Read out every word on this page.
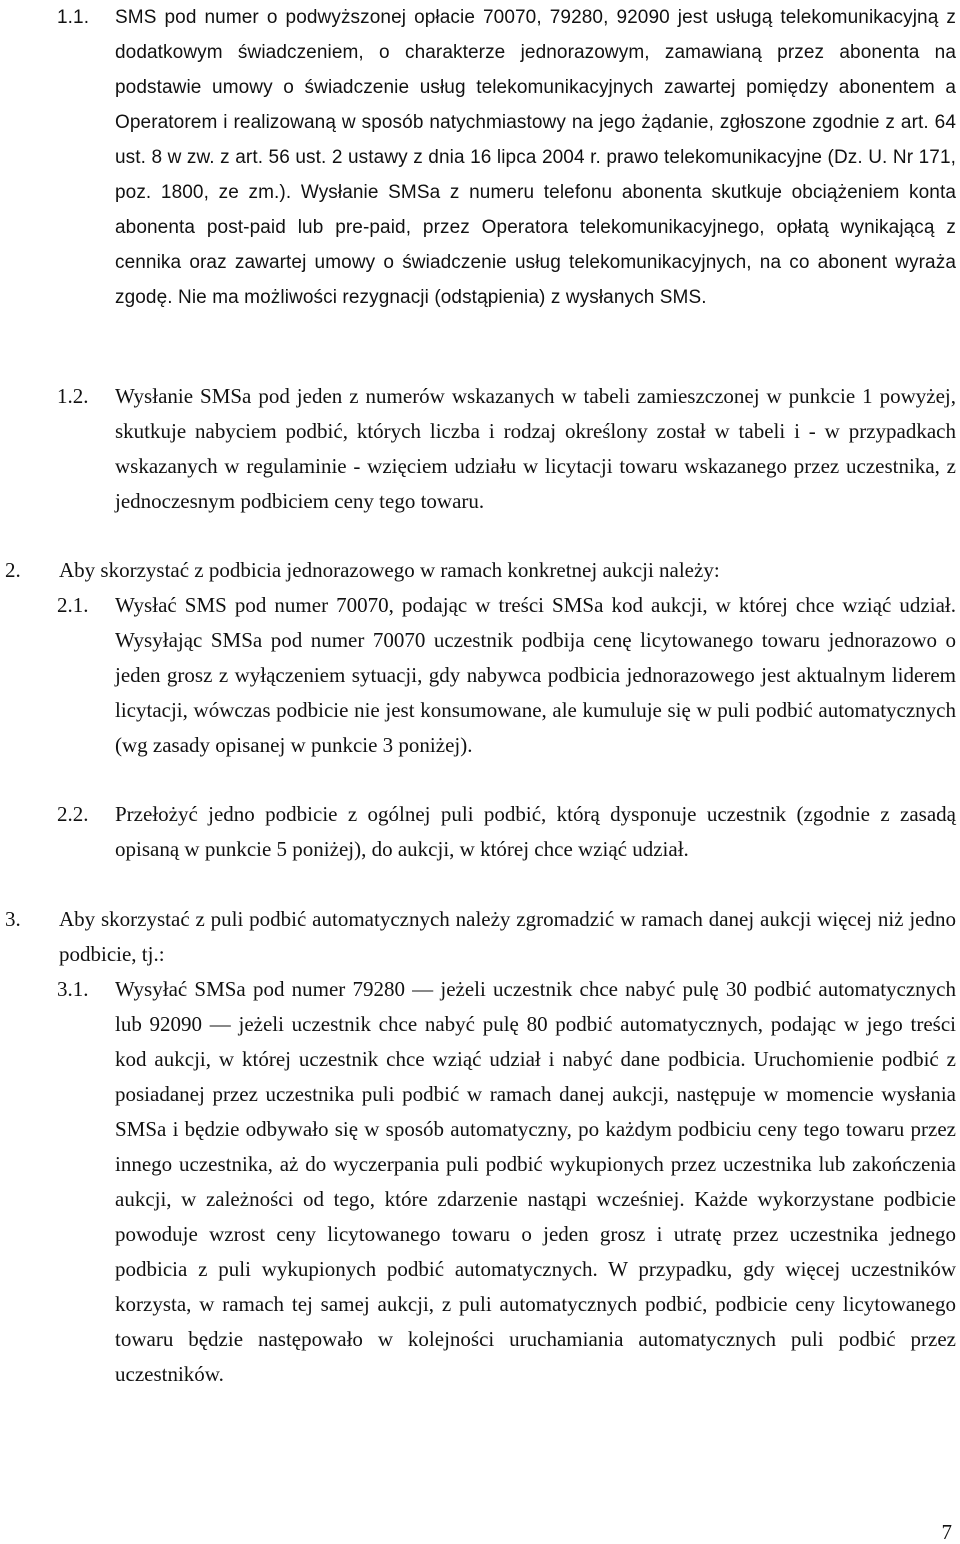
1.1. SMS pod numer o podwyższonej opłacie 70070, 79280, 92090 jest usługą telekomunikacyjną z dodatkowym świadczeniem, o charakterze jednorazowym, zamawianą przez abonenta na podstawie umowy o świadczenie usług telekomunikacyjnych zawartej pomiędzy abonentem a Operatorem i realizowaną w sposób natychmiastowy na jego żądanie, zgłoszone zgodnie z art. 64 ust. 8 w zw. z art. 56 ust. 2 ustawy z dnia 16 lipca 2004 r. prawo telekomunikacyjne (Dz. U. Nr 171, poz. 1800, ze zm.). Wysłanie SMSa z numeru telefonu abonenta skutkuje obciążeniem konta abonenta post-paid lub pre-paid, przez Operatora telekomunikacyjnego, opłatą wynikającą z cennika oraz zawartej umowy o świadczenie usług telekomunikacyjnych, na co abonent wyraża zgodę. Nie ma możliwości rezygnacji (odstąpienia) z wysłanych SMS.
1.2. Wysłanie SMSa pod jeden z numerów wskazanych w tabeli zamieszczonej w punkcie 1 powyżej, skutkuje nabyciem podbić, których liczba i rodzaj określony został w tabeli i - w przypadkach wskazanych w regulaminie - wzięciem udziału w licytacji towaru wskazanego przez uczestnika, z jednoczesnym podbiciem ceny tego towaru.
2. Aby skorzystać z podbicia jednorazowego w ramach konkretnej aukcji należy:
2.1. Wysłać SMS pod numer 70070, podając w treści SMSa kod aukcji, w której chce wziąć udział. Wysyłając SMSa pod numer 70070 uczestnik podbija cenę licytowanego towaru jednorazowo o jeden grosz z wyłączeniem sytuacji, gdy nabywca podbicia jednorazowego jest aktualnym liderem licytacji, wówczas podbicie nie jest konsumowane, ale kumuluje się w puli podbić automatycznych (wg zasady opisanej w punkcie 3 poniżej).
2.2. Przełożyć jedno podbicie z ogólnej puli podbić, którą dysponuje uczestnik (zgodnie z zasadą opisaną w punkcie 5 poniżej), do aukcji, w której chce wziąć udział.
3. Aby skorzystać z puli podbić automatycznych należy zgromadzić w ramach danej aukcji więcej niż jedno podbicie, tj.:
3.1. Wysyłać SMSa pod numer 79280 — jeżeli uczestnik chce nabyć pulę 30 podbić automatycznych lub 92090 — jeżeli uczestnik chce nabyć pulę 80 podbić automatycznych, podając w jego treści kod aukcji, w której uczestnik chce wziąć udział i nabyć dane podbicia. Uruchomienie podbić z posiadanej przez uczestnika puli podbić w ramach danej aukcji, następuje w momencie wysłania SMSa i będzie odbywało się w sposób automatyczny, po każdym podbiciu ceny tego towaru przez innego uczestnika, aż do wyczerpania puli podbić wykupionych przez uczestnika lub zakończenia aukcji, w zależności od tego, które zdarzenie nastąpi wcześniej. Każde wykorzystane podbicie powoduje wzrost ceny licytowanego towaru o jeden grosz i utratę przez uczestnika jednego podbicia z puli wykupionych podbić automatycznych. W przypadku, gdy więcej uczestników korzysta, w ramach tej samej aukcji, z puli automatycznych podbić, podbicie ceny licytowanego towaru będzie następowało w kolejności uruchamiania automatycznych puli podbić przez uczestników.
7
